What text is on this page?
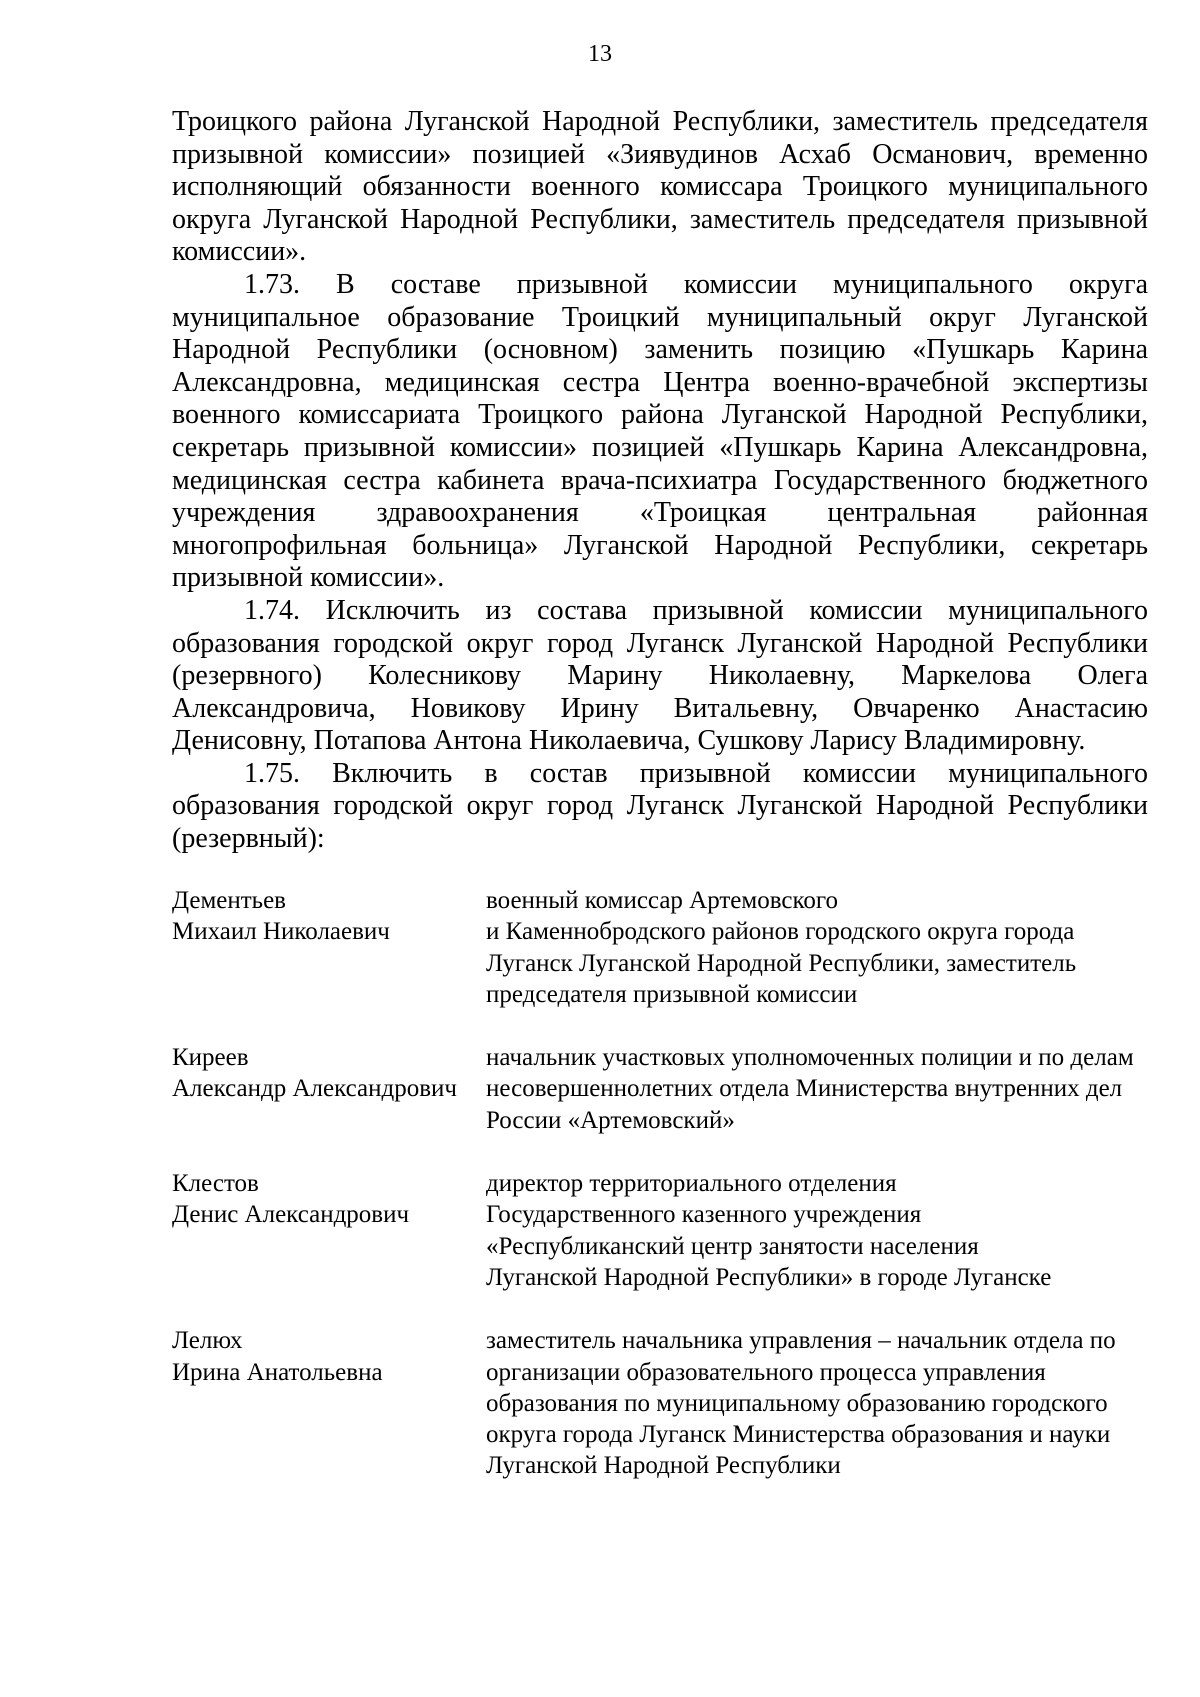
13

Троицкого района Луганской Народной Республики, заместитель председателя призывной комиссии» позицией «Зиявудинов Асхаб Османович, временно исполняющий обязанности военного комиссара Троицкого муниципального округа Луганской Народной Республики, заместитель председателя призывной комиссии».

1.73. В составе призывной комиссии муниципального округа муниципальное образование Троицкий муниципальный округ Луганской Народной Республики (основном) заменить позицию «Пушкарь Карина Александровна, медицинская сестра Центра военно-врачебной экспертизы военного комиссариата Троицкого района Луганской Народной Республики, секретарь призывной комиссии» позицией «Пушкарь Карина Александровна, медицинская сестра кабинета врача-психиатра Государственного бюджетного учреждения здравоохранения «Троицкая центральная районная многопрофильная больница» Луганской Народной Республики, секретарь призывной комиссии».

1.74. Исключить из состава призывной комиссии муниципального образования городской округ город Луганск Луганской Народной Республики (резервного) Колесникову Марину Николаевну, Маркелова Олега Александровича, Новикову Ирину Витальевну, Овчаренко Анастасию Денисовну, Потапова Антона Николаевича, Сушкову Ларису Владимировну.

1.75. Включить в состав призывной комиссии муниципального образования городской округ город Луганск Луганской Народной Республики (резервный):

Дементьев
Михаил Николаевич
военный комиссар Артемовского
и Каменнобродского районов городского округа города Луганск Луганской Народной Республики, заместитель председателя призывной комиссии
Киреев
Александр Александрович
начальник участковых уполномоченных полиции и по делам несовершеннолетних отдела Министерства внутренних дел России «Артемовский»
Клестов
Денис Александрович
директор территориального отделения
Государственного казенного учреждения
«Республиканский центр занятости населения
Луганской Народной Республики» в городе Луганске
Лелюх
Ирина Анатольевна
заместитель начальника управления – начальник отдела по организации образовательного процесса управления образования по муниципальному образованию городского округа города Луганск Министерства образования и науки Луганской Народной Республики
